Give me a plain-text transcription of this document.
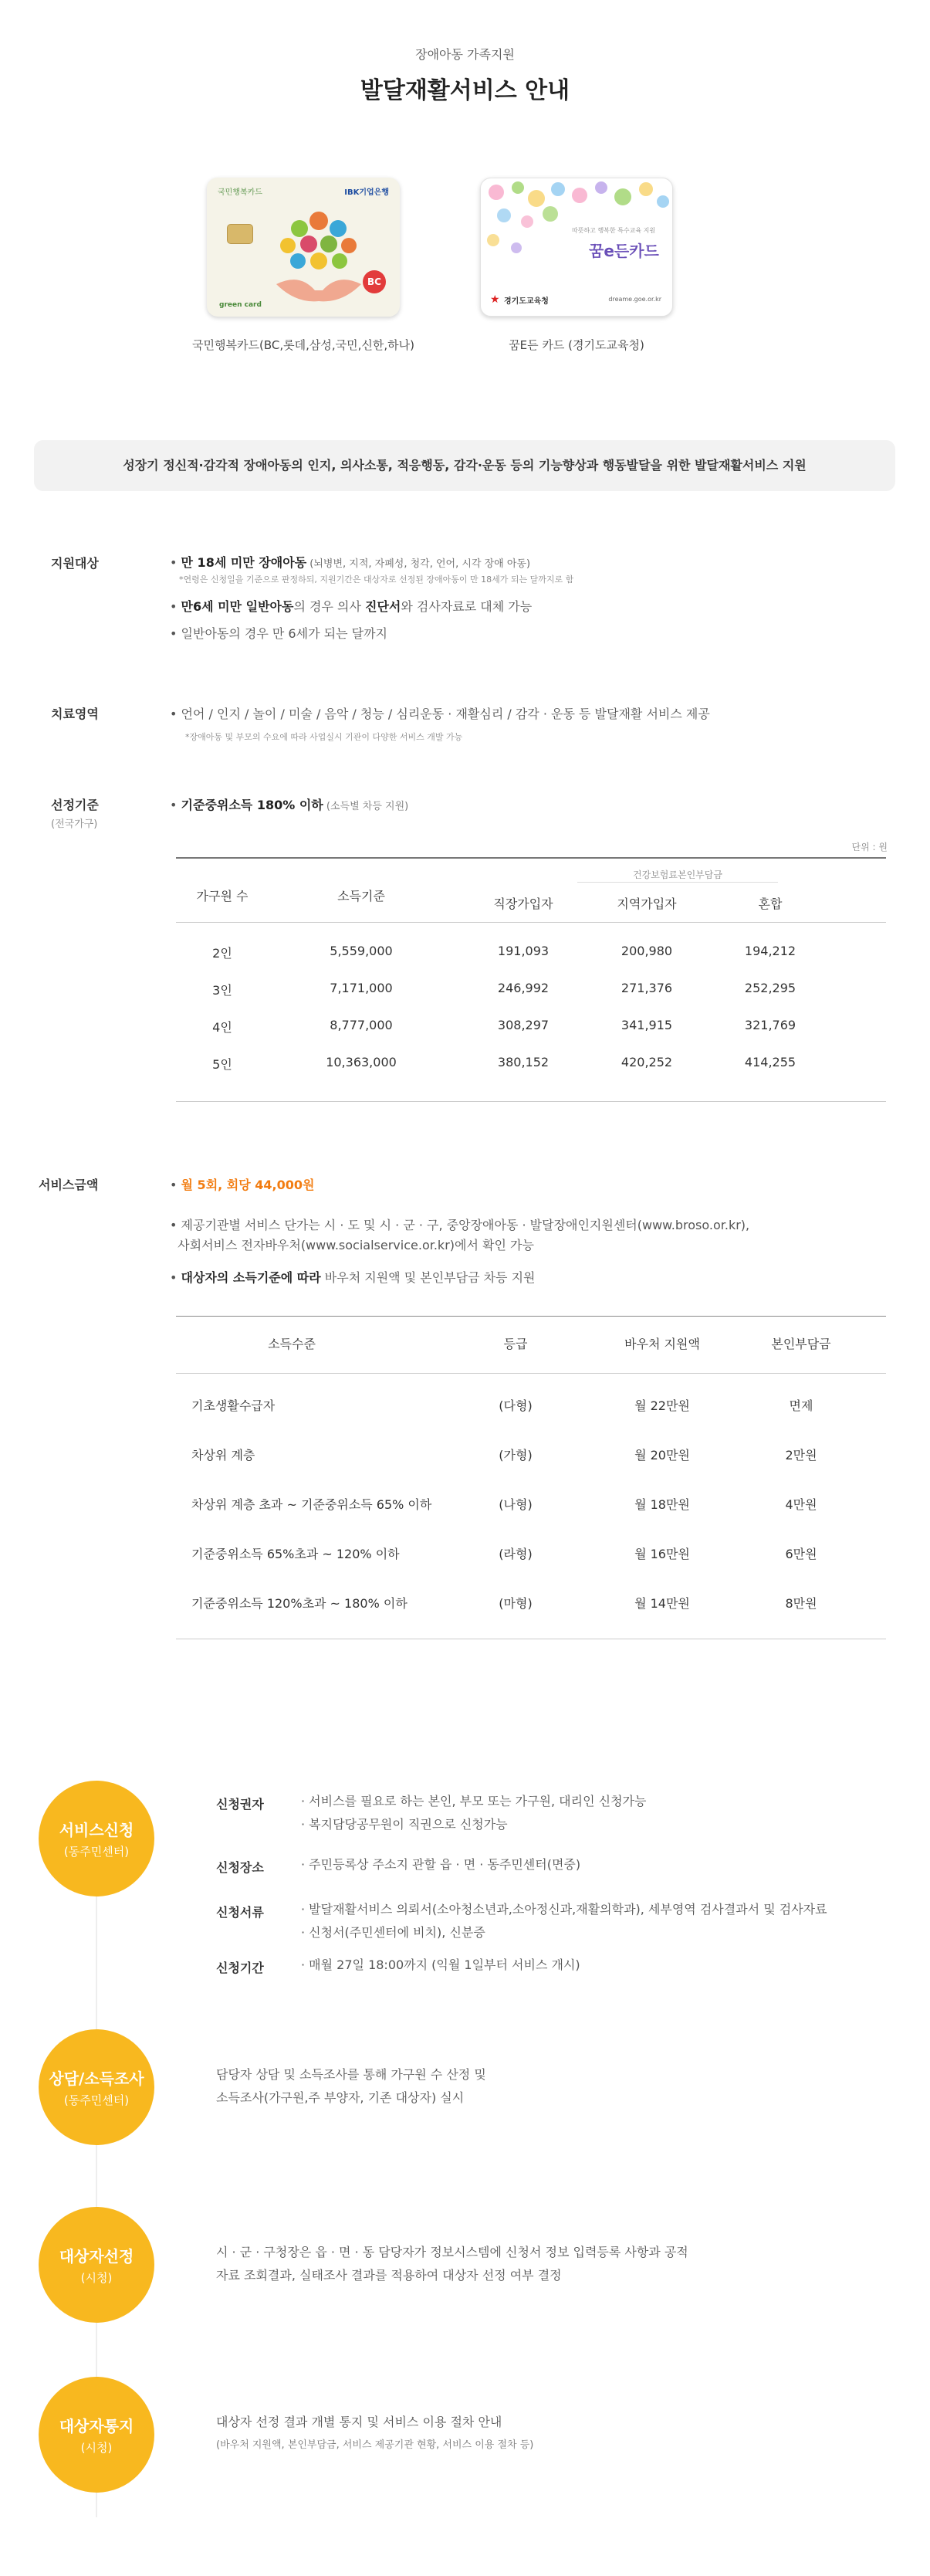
장애아동 가족지원
발달재활서비스 안내
국민행복카드	IBK기업은행
BC
green card
국민행복카드(BC,롯데,삼성,국민,신한,하나)
따뜻하고 행복한 특수교육 지원
꿈e든카드
★ 경기도교육청	dreame.goe.or.kr
꿈E든 카드 (경기도교육청)
성장기 정신적·감각적 장애아동의 인지, 의사소통, 적응행동, 감각·운동 등의 기능향상과 행동발달을 위한 발달재활서비스 지원
지원대상	• 만 18세 미만 장애아동 (뇌병변, 지적, 자폐성, 청각, 언어, 시각 장애 아동)
*연령은 신청일을 기준으로 판정하되, 지원기간은 대상자로 선정된 장애아동이 만 18세가 되는 달까지로 함
• 만6세 미만 일반아동의 경우 의사 진단서와 검사자료로 대체 가능
• 일반아동의 경우 만 6세가 되는 달까지
치료영역	• 언어 / 인지 / 놀이 / 미술 / 음악 / 청능 / 심리운동 · 재활심리 / 감각 · 운동 등 발달재활 서비스 제공
*장애아동 및 부모의 수요에 따라 사업실시 기관이 다양한 서비스 개발 가능
선정기준
(전국가구)
• 기준중위소득 180% 이하 (소득별 차등 지원)
단위 : 원
건강보험료본인부담금
가구원 수	소득기준
직장가입자	지역가입자	혼합
2인	5,559,000	191,093	200,980	194,212
3인	7,171,000	246,992	271,376	252,295
4인	8,777,000	308,297	341,915	321,769
5인	10,363,000	380,152	420,252	414,255
서비스금액	• 월 5회, 회당 44,000원
• 제공기관별 서비스 단가는 시 · 도 및 시 · 군 · 구, 중앙장애아동 · 발달장애인지원센터(www.broso.or.kr),
사회서비스 전자바우처(www.socialservice.or.kr)에서 확인 가능
• 대상자의 소득기준에 따라 바우처 지원액 및 본인부담금 차등 지원
소득수준	등급	바우처 지원액	본인부담금
기초생활수급자	(다형)	월 22만원	면제
차상위 계층	(가형)	월 20만원	2만원
차상위 계층 초과 ~ 기준중위소득 65% 이하	(나형)	월 18만원	4만원
기준중위소득 65%초과 ~ 120% 이하	(라형)	월 16만원	6만원
기준중위소득 120%초과 ~ 180% 이하	(마형)	월 14만원	8만원
서비스신청
(동주민센터)
신청권자	· 서비스를 필요로 하는 본인, 부모 또는 가구원, 대리인 신청가능
· 복지담당공무원이 직권으로 신청가능
신청장소	· 주민등록상 주소지 관할 읍 · 면 · 동주민센터(면중)
신청서류	· 발달재활서비스 의뢰서(소아청소년과,소아정신과,재활의학과), 세부영역 검사결과서 및 검사자료
· 신청서(주민센터에 비치), 신분증
신청기간	· 매월 27일 18:00까지 (익월 1일부터 서비스 개시)
상담/소득조사
(동주민센터)
담당자 상담 및 소득조사를 통해 가구원 수 산정 및
소득조사(가구원,주 부양자, 기존 대상자) 실시
대상자선정
(시청)
시 · 군 · 구청장은 읍 · 면 · 동 담당자가 정보시스템에 신청서 정보 입력등록 사항과 공적
자료 조회결과, 실태조사 결과를 적용하여 대상자 선정 여부 결정
대상자통지
(시청)
대상자 선정 결과 개별 통지 및 서비스 이용 절차 안내
(바우처 지원액, 본인부담금, 서비스 제공기관 현황, 서비스 이용 절차 등)
